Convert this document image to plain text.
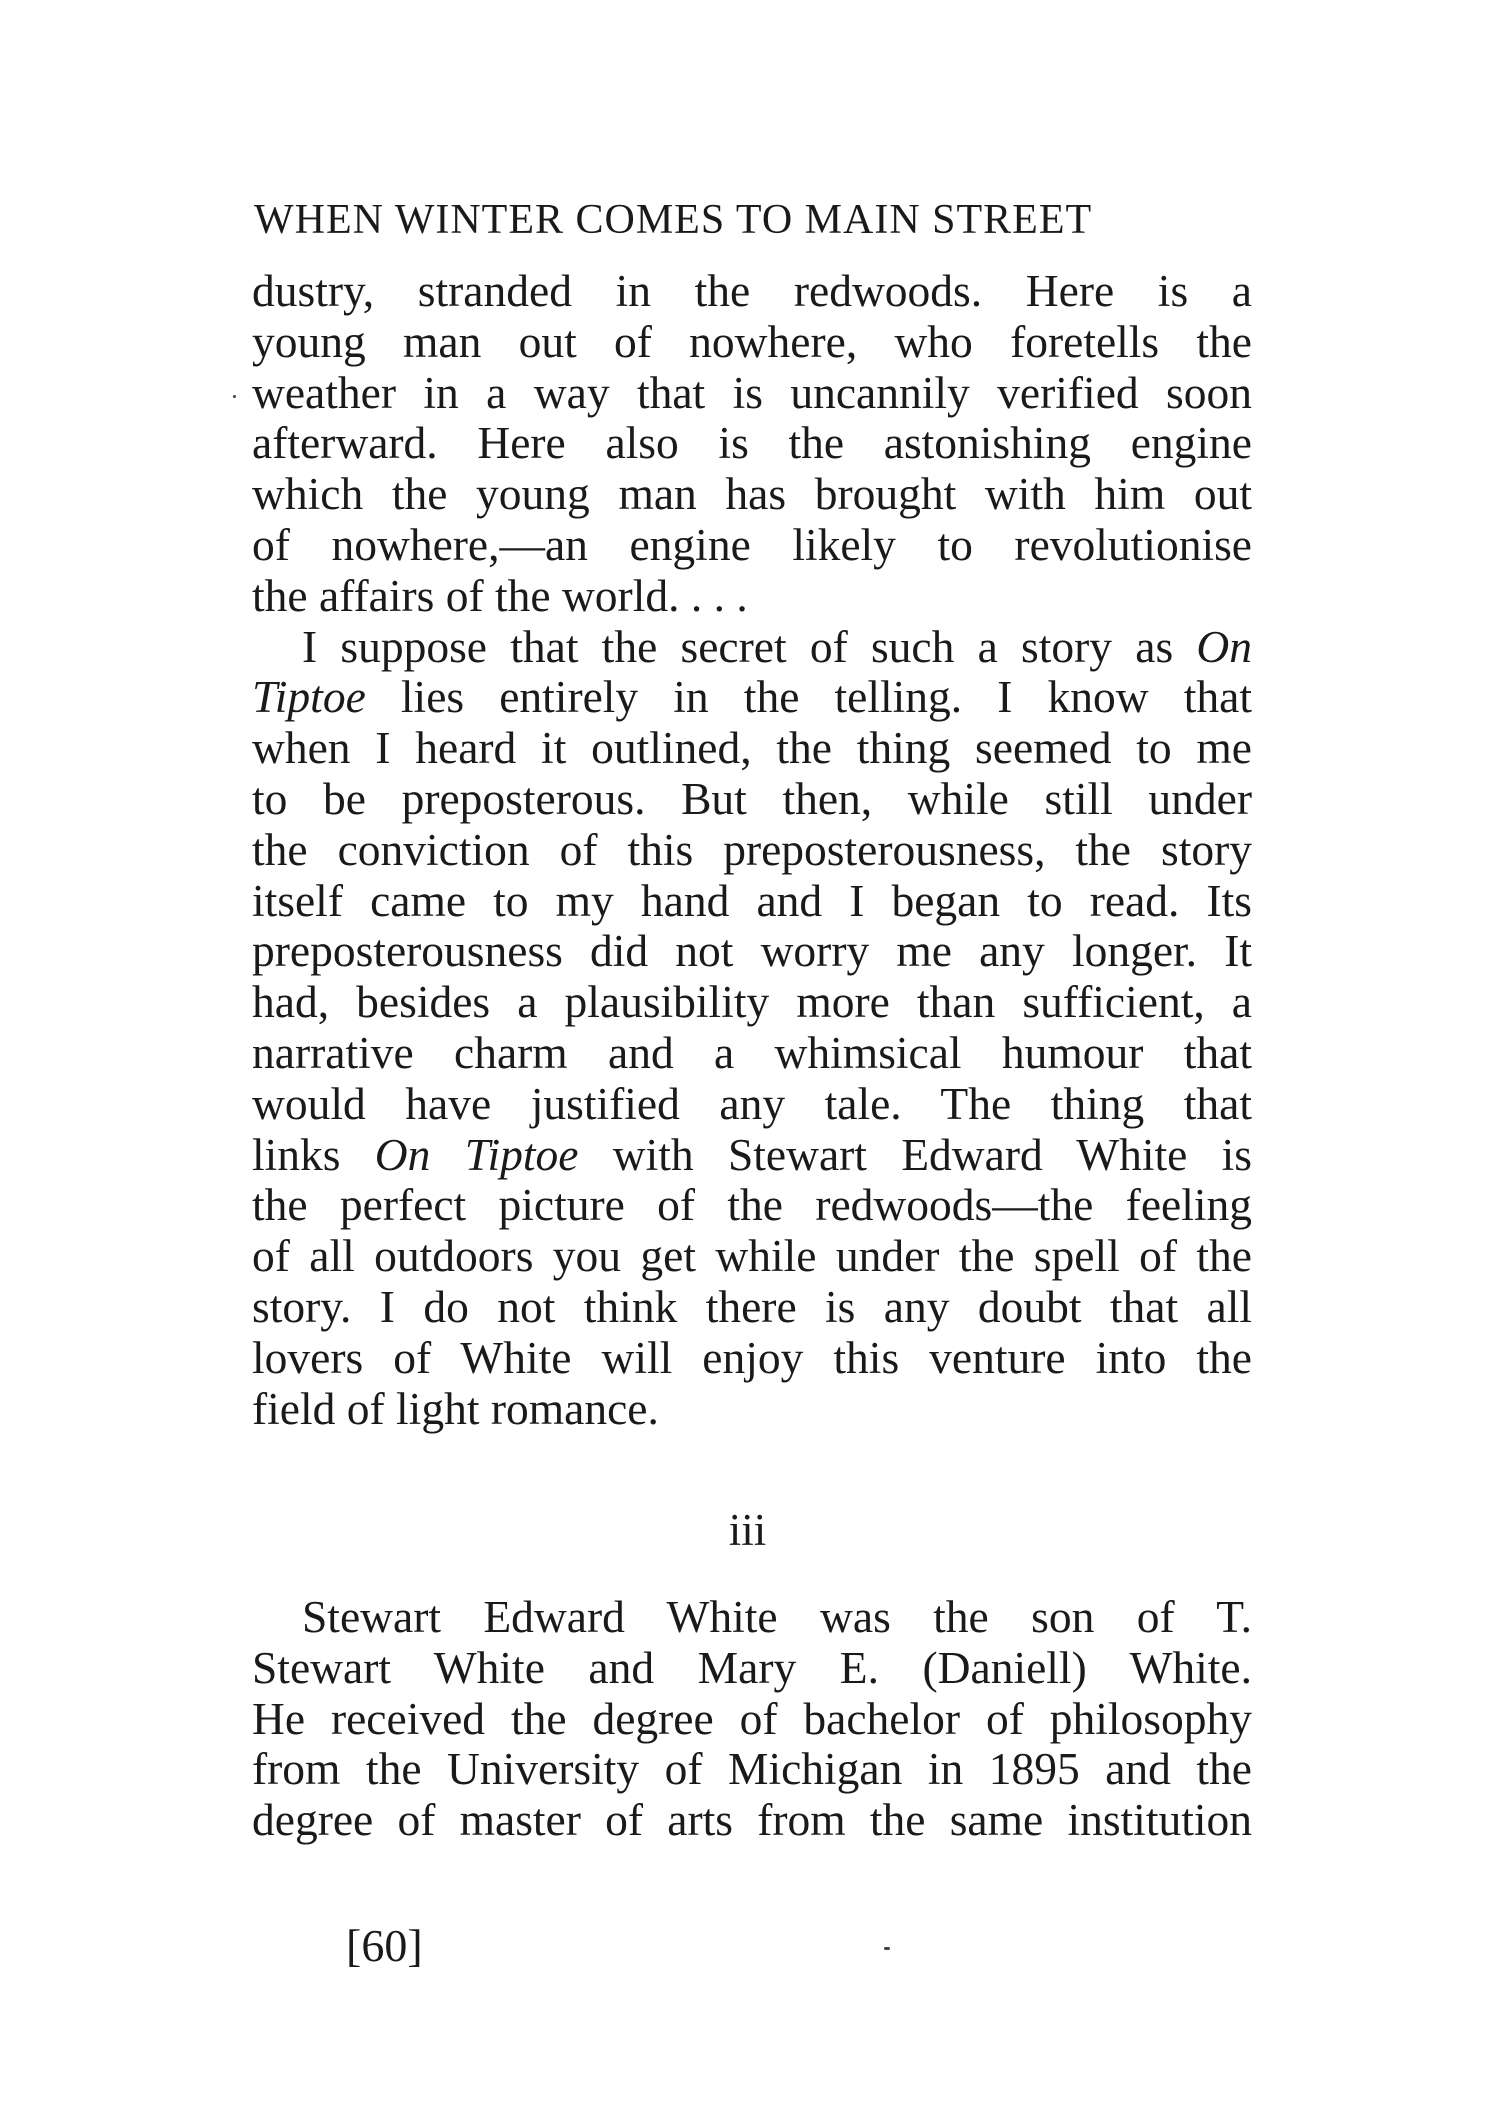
WHEN WINTER COMES TO MAIN STREET
dustry, stranded in the redwoods. Here is a
young man out of nowhere, who foretells the
weather in a way that is uncannily verified soon
afterward. Here also is the astonishing engine
which the young man has brought with him out
of nowhere,—an engine likely to revolutionise
the affairs of the world. . . .
I suppose that the secret of such a story as On
Tiptoe lies entirely in the telling. I know that
when I heard it outlined, the thing seemed to me
to be preposterous. But then, while still under
the conviction of this preposterousness, the story
itself came to my hand and I began to read. Its
preposterousness did not worry me any longer. It
had, besides a plausibility more than sufficient, a
narrative charm and a whimsical humour that
would have justified any tale. The thing that
links On Tiptoe with Stewart Edward White is
the perfect picture of the redwoods—the feeling
of all outdoors you get while under the spell of the
story. I do not think there is any doubt that all
lovers of White will enjoy this venture into the
field of light romance.
iii
Stewart Edward White was the son of T.
Stewart White and Mary E. (Daniell) White.
He received the degree of bachelor of philosophy
from the University of Michigan in 1895 and the
degree of master of arts from the same institution
[60]
